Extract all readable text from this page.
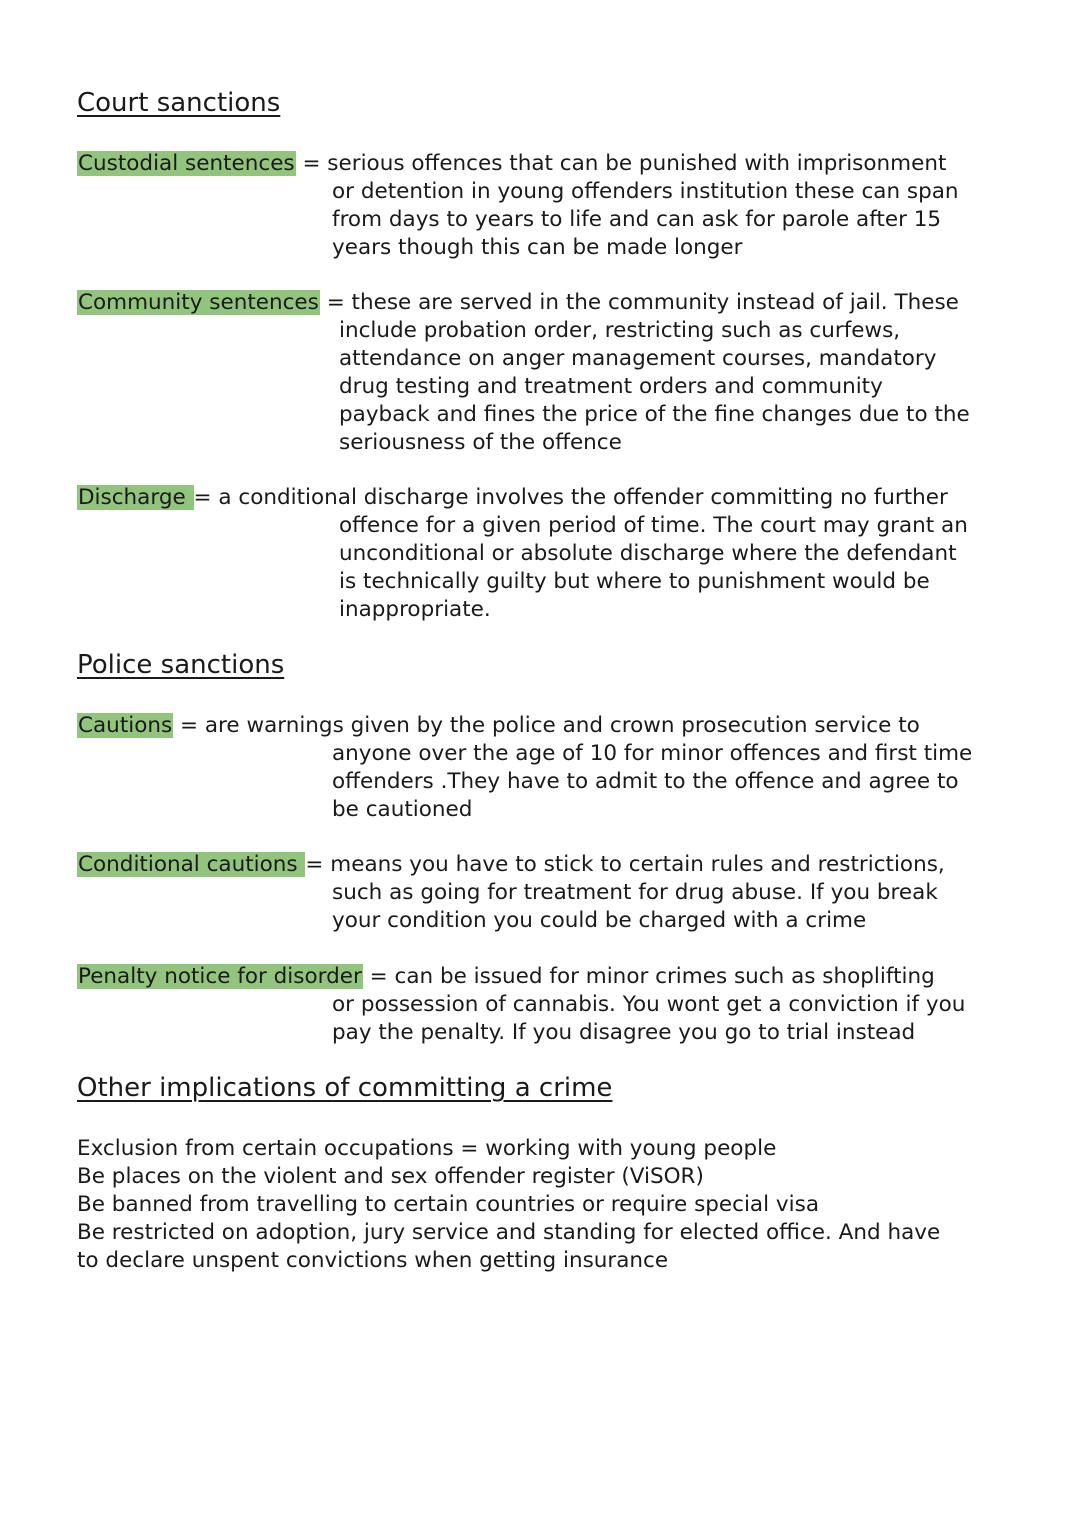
Court sanctions
Custodial sentences = serious offences that can be punished with imprisonment
or detention in young offenders institution these can span
from days to years to life and can ask for parole after 15
years though this can be made longer
Community sentences = these are served in the community instead of jail. These
include probation order, restricting such as curfews,
attendance on anger management courses, mandatory
drug testing and treatment orders and community
payback and fines the price of the fine changes due to the
seriousness of the offence
Discharge = a conditional discharge involves the offender committing no further
offence for a given period of time. The court may grant an
unconditional or absolute discharge where the defendant
is technically guilty but where to punishment would be
inappropriate.
Police sanctions
Cautions = are warnings given by the police and crown prosecution service to
anyone over the age of 10 for minor offences and first time
offenders .They have to admit to the offence and agree to
be cautioned
Conditional cautions = means you have to stick to certain rules and restrictions,
such as going for treatment for drug abuse. If you break
your condition you could be charged with a crime
Penalty notice for disorder = can be issued for minor crimes such as shoplifting
or possession of cannabis. You wont get a conviction if you
pay the penalty. If you disagree you go to trial instead
Other implications of committing a crime
Exclusion from certain occupations = working with young people
Be places on the violent and sex offender register (ViSOR)
Be banned from travelling to certain countries or require special visa
Be restricted on adoption, jury service and standing for elected office. And have
to declare unspent convictions when getting insurance
